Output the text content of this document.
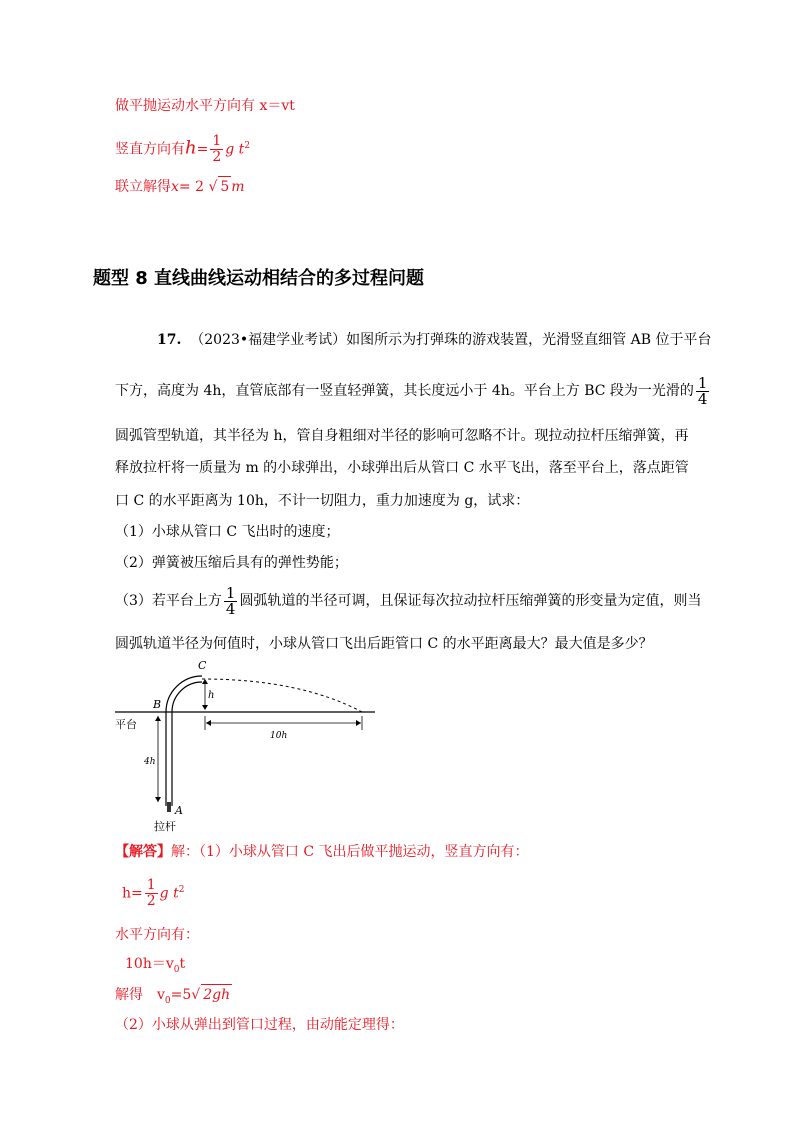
做平抛运动水平方向有 x＝vt
竖直方向有$h= \frac{1}{2}$ g $t^2$
联立解得x= 2 √ 5 m
题型 8 直线曲线运动相结合的多过程问题
17. （2023•福建学业考试）如图所示为打弹珠的游戏装置，光滑竖直细管 AB 位于平台
下方，高度为 4h，直管底部有一竖直轻弹簧，其长度远小于 4h。平台上方 BC 段为一光滑的 $\frac{1}{4}$
圆弧管型轨道，其半径为 h，管自身粗细对半径的影响可忽略不计。现拉动拉杆压缩弹簧，再
释放拉杆将一质量为 m 的小球弹出，小球弹出后从管口 C 水平飞出，落至平台上，落点距管
口 C 的水平距离为 10h，不计一切阻力，重力加速度为 g，试求：
（1）小球从管口 C 飞出时的速度；
（2）弹簧被压缩后具有的弹性势能；
（3）若平台上方 $\frac{1}{4}$ 圆弧轨道的半径可调，且保证每次拉动拉杆压缩弹簧的形变量为定值，则当
圆弧轨道半径为何值时，小球从管口飞出后距管口 C 的水平距离最大？最大值是多少？
C
B
A
h
平台
10h
4h
拉杆
【解答】解：（1）小球从管口 C 飞出后做平抛运动，竖直方向有：
$h= \frac{1}{2}$ g $t^2$
水平方向有：
$10h=v_0t$
解得　$v_0=5√$ 2gh
（2）小球从弹出到管口过程，由动能定理得：
